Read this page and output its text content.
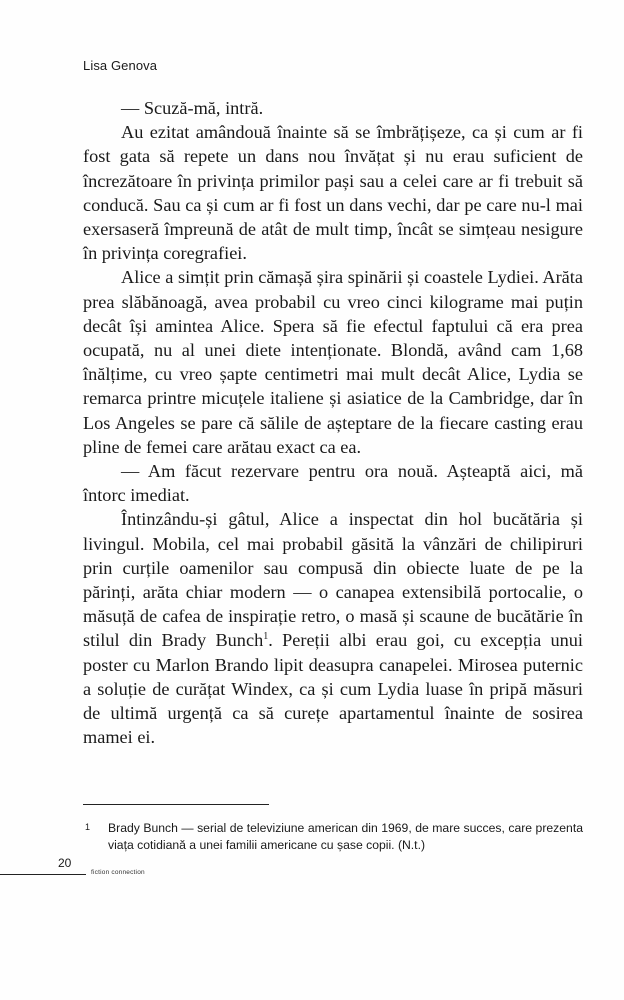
Lisa Genova

— Scuză-mă, intră.

Au ezitat amândouă înainte să se îmbrățișeze, ca și cum ar fi fost gata să repete un dans nou învățat și nu erau suficient de încrezătoare în privința primilor pași sau a celei care ar fi trebuit să conducă. Sau ca și cum ar fi fost un dans vechi, dar pe care nu-l mai exersaseră împreună de atât de mult timp, încât se simțeau nesigure în privința coregrafiei.

Alice a simțit prin cămașă șira spinării și coastele Lydiei. Arăta prea slăbănoagă, avea probabil cu vreo cinci kilograme mai puțin decât își amintea Alice. Spera să fie efectul faptului că era prea ocupată, nu al unei diete intenționate. Blondă, având cam 1,68 înălțime, cu vreo șapte centimetri mai mult decât Alice, Lydia se remarca printre micuțele italiene și asiatice de la Cambridge, dar în Los Angeles se pare că sălile de așteptare de la fiecare casting erau pline de femei care arătau exact ca ea.

— Am făcut rezervare pentru ora nouă. Așteaptă aici, mă întorc imediat.

Întinzându-și gâtul, Alice a inspectat din hol bucătăria și livingul. Mobila, cel mai probabil găsită la vânzări de chilipiruri prin curțile oamenilor sau compusă din obiecte luate de pe la părinți, arăta chiar modern — o canapea extensibilă portocalie, o măsuță de cafea de inspirație retro, o masă și scaune de bucătărie în stilul din Brady Bunch$^1$. Pereții albi erau goi, cu excepția unui poster cu Marlon Brando lipit deasupra canapelei. Mirosea puternic a soluție de curățat Windex, ca și cum Lydia luase în pripă măsuri de ultimă urgență ca să curețe apartamentul înainte de sosirea mamei ei.

1 Brady Bunch — serial de televiziune american din 1969, de mare succes, care prezenta viața cotidiană a unei familii americane cu șase copii. (N.t.)
20
fiction connection
